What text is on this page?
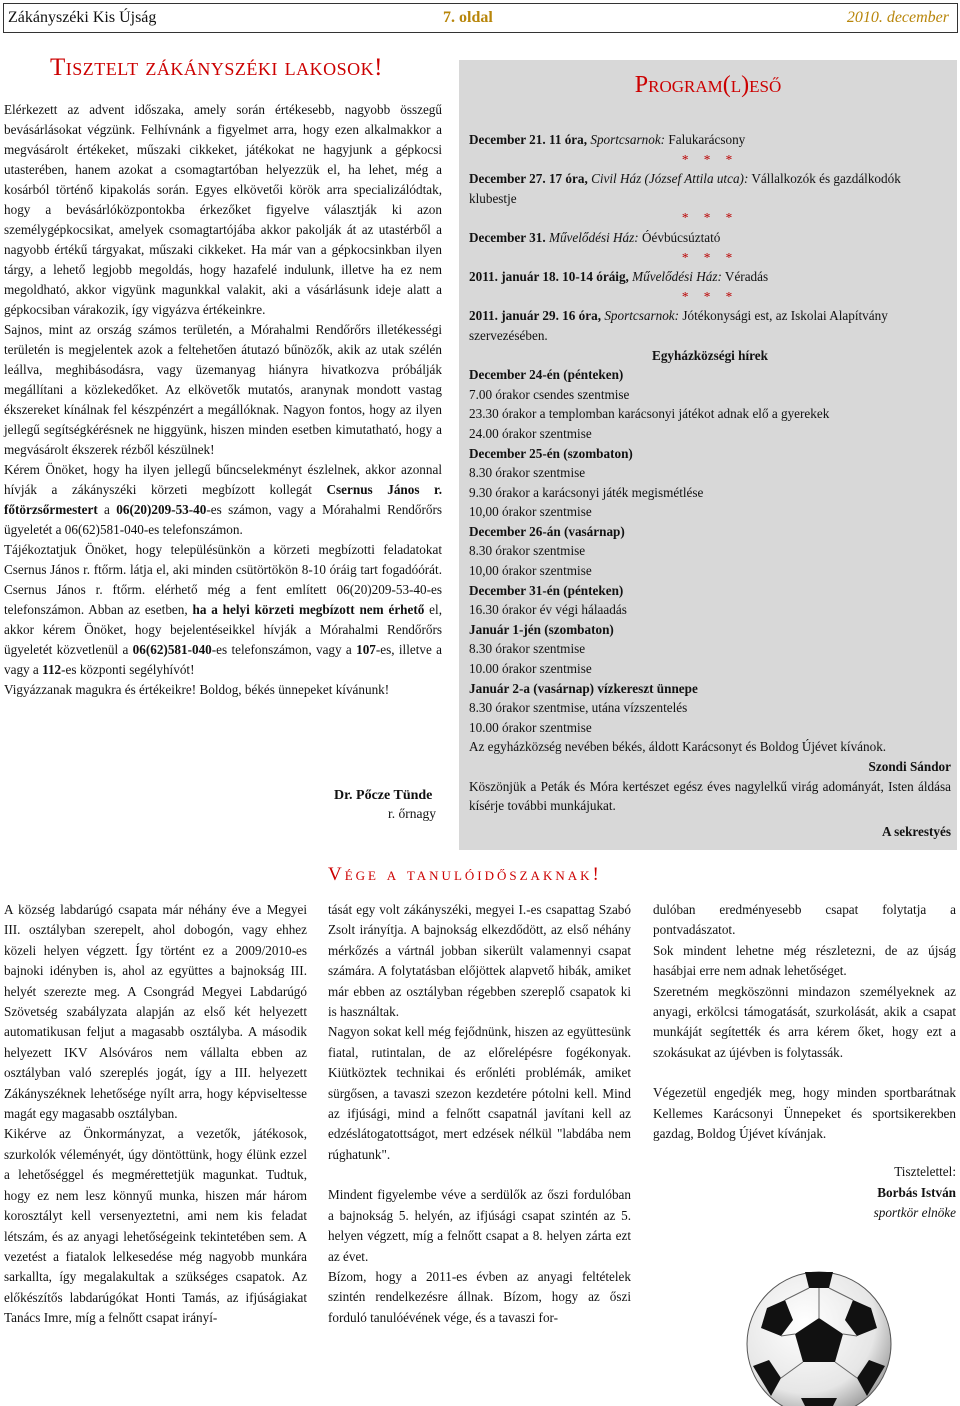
Zákányszéki Kis Újság	7. oldal	2010. december
Tisztelt zákányszéki lakosok!

Elérkezett az advent időszaka, amely során értékesebb, nagyobb összegű bevásárlásokat végzünk. Felhívnánk a figyelmet arra, hogy ezen alkalmakkor a megvásárolt értékeket, műszaki cikkeket, játékokat ne hagyjunk a gépkocsi utasterében, hanem azokat a csomagtartóban helyezzük el, ha lehet, még a kosárból történő kipakolás során. Egyes elkövetői körök arra specializálódtak, hogy a bevásárlóközpontokba érkezőket figyelve választják ki azon személygépkocsikat, amelyek csomagtartójába akkor pakolják át az utastérből a nagyobb értékű tárgyakat, műszaki cikkeket. Ha már van a gépkocsinkban ilyen tárgy, a lehető legjobb megoldás, hogy hazafelé indulunk, illetve ha ez nem megoldható, akkor vigyünk magunkkal valakit, aki a vásárlásunk ideje alatt a gépkocsiban várakozik, így vigyázva értékeinkre.

Sajnos, mint az ország számos területén, a Mórahalmi Rendőrőrs illetékességi területén is megjelentek azok a feltehetően átutazó bűnözők, akik az utak szélén leállva, meghibásodásra, vagy üzemanyag hiányra hivatkozva próbálják megállítani a közlekedőket. Az elkövetők mutatós, aranynak mondott vastag ékszereket kínálnak fel készpénzért a megállóknak. Nagyon fontos, hogy az ilyen jellegű segítségkérésnek ne higgyünk, hiszen minden esetben kimutatható, hogy a megvásárolt ékszerek rézből készülnek!

Kérem Önöket, hogy ha ilyen jellegű bűncselekményt észlelnek, akkor azonnal hívják a zákányszéki körzeti megbízott kollegát Csernus János r. főtörzsőrmestert a 06(20)209-53-40-es számon, vagy a Mórahalmi Rendőrőrs ügyeletét a 06(62)581-040-es telefonszámon.

Tájékoztatjuk Önöket, hogy településünkön a körzeti megbízotti feladatokat Csernus János r. ftőrm. látja el, aki minden csütörtökön 8-10 óráig tart fogadóórát. Csernus János r. ftőrm. elérhető még a fent említett 06(20)209-53-40-es telefonszámon. Abban az esetben, ha a helyi körzeti megbízott nem érhető el, akkor kérem Önöket, hogy bejelentéseikkel hívják a Mórahalmi Rendőrőrs ügyeletét közvetlenül a 06(62)581-040-es telefonszámon, vagy a 107-es, illetve a vagy a 112-es központi segélyhívót!

Vigyázzanak magukra és értékeikre! Boldog, békés ünnepeket kívánunk!

Dr. Pőcze Tünde
r. őrnagy
Program(l)eső

December 21. 11 óra, Sportcsarnok: Falukarácsony

* * *

December 27. 17 óra, Civil Ház (József Attila utca): Vállalkozók és gazdálkodók klubestje

* * *

December 31. Művelődési Ház: Óévbúcsúztató

* * *

2011. január 18. 10-14 óráig, Művelődési Ház: Véradás

* * *

2011. január 29. 16 óra, Sportcsarnok: Jótékonysági est, az Iskolai Alapítvány szervezésében.

Egyházközségi hírek

December 24-én (pénteken)

7.00 órakor csendes szentmise

23.30 órakor a templomban karácsonyi játékot adnak elő a gyerekek

24.00 órakor szentmise

December 25-én (szombaton)

8.30 órakor szentmise

9.30 órakor a karácsonyi játék megismétlése

10,00 órakor szentmise

December 26-án (vasárnap)

8.30 órakor szentmise

10,00 órakor szentmise

December 31-én (pénteken)

16.30 órakor év végi hálaadás

Január 1-jén (szombaton)

8.30 órakor szentmise

10.00 órakor szentmise

Január 2-a (vasárnap) vízkereszt ünnepe

8.30 órakor szentmise, utána vízszentelés

10.00 órakor szentmise

Az egyházközség nevében békés, áldott Karácsonyt és Boldog Újévet kívánok.

Szondi Sándor

Köszönjük a Peták és Móra kertészet egész éves nagylelkű virág adományát, Isten áldása kísérje további munkájukat.

A sekrestyés

Vége a tanulóidőszaknak!

A község labdarúgó csapata már néhány éve a Megyei III. osztályban szerepelt, ahol dobogón, vagy ehhez közeli helyen végzett. Így történt ez a 2009/2010-es bajnoki idényben is, ahol az együttes a bajnokság III. helyét szerezte meg. A Csongrád Megyei Labdarúgó Szövetség szabályzata alapján az első két helyezett automatikusan feljut a magasabb osztályba. A második helyezett IKV Alsóváros nem vállalta ebben az osztályban való szereplés jogát, így a III. helyezett Zákányszéknek lehetősége nyílt arra, hogy képviseltesse magát egy magasabb osztályban.

Kikérve az Önkormányzat, a vezetők, játékosok, szurkolók véleményét, úgy döntöttünk, hogy élünk ezzel a lehetőséggel és megmérettetjük magunkat. Tudtuk, hogy ez nem lesz könnyű munka, hiszen már három korosztályt kell versenyeztetni, ami nem kis feladat létszám, és az anyagi lehetőségeink tekintetében sem. A vezetést a fiatalok lelkesedése még nagyobb munkára sarkallta, így megalakultak a szükséges csapatok. Az előkészítős labdarúgókat Honti Tamás, az ifjúságiakat Tanács Imre, míg a felnőtt csapat irányí-

tását egy volt zákányszéki, megyei I.-es csapattag Szabó Zsolt irányítja. A bajnokság elkezdődött, az első néhány mérkőzés a vártnál jobban sikerült valamennyi csapat számára. A folytatásban előjöttek alapvető hibák, amiket már ebben az osztályban régebben szereplő csapatok ki is használtak.

Nagyon sokat kell még fejődnünk, hiszen az együttesünk fiatal, rutintalan, de az előrelépésre fogékonyak. Kiütköztek technikai és erőnléti problémák, amiket sürgősen, a tavaszi szezon kezdetére pótolni kell. Mind az ifjúsági, mind a felnőtt csapatnál javítani kell az edzéslátogatottságot, mert edzések nélkül "labdába nem rúghatunk".

Mindent figyelembe véve a serdülők az őszi fordulóban a bajnokság 5. helyén, az ifjúsági csapat szintén az 5. helyen végzett, míg a felnőtt csapat a 8. helyen zárta ezt az évet.

Bízom, hogy a 2011-es évben az anyagi feltételek szintén rendelkezésre állnak. Bízom, hogy az őszi forduló tanulóévének vége, és a tavaszi for-

dulóban eredményesebb csapat folytatja a pontvadászatot.

Sok mindent lehetne még részletezni, de az újság hasábjai erre nem adnak lehetőséget.

Szeretném megköszönni mindazon személyeknek az anyagi, erkölcsi támogatását, szurkolását, akik a csapat munkáját segítették és arra kérem őket, hogy ezt a szokásukat az újévben is folytassák.

Végezetül engedjék meg, hogy minden sportbarátnak Kellemes Karácsonyi Ünnepeket és sportsikerekben gazdag, Boldog Újévet kívánjak.

Tisztelettel:

Borbás István

sportkör elnöke
